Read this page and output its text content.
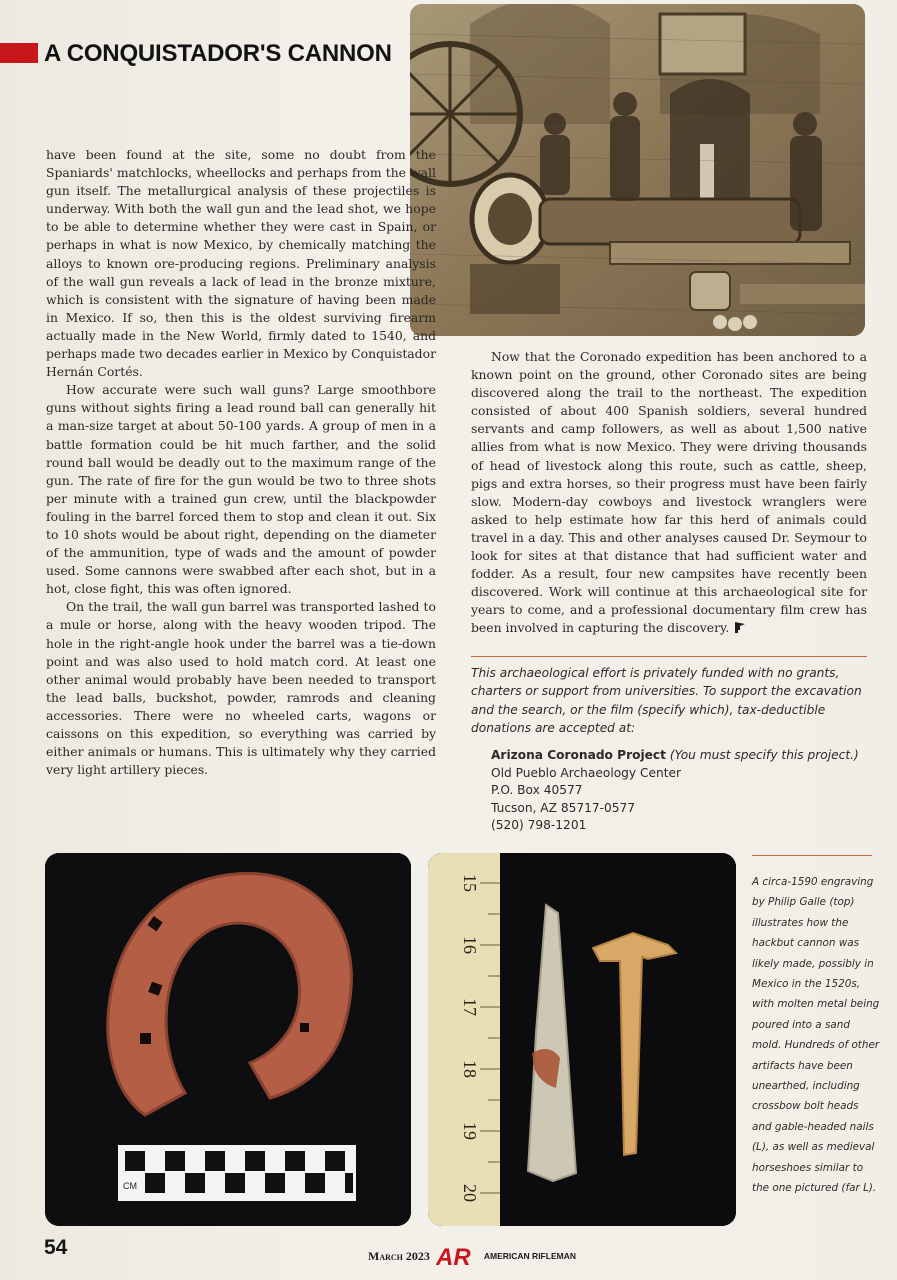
A CONQUISTADOR'S CANNON

have been found at the site, some no doubt from the Spaniards' matchlocks, wheellocks and perhaps from the wall gun itself. The metallurgical analysis of these projectiles is underway. With both the wall gun and the lead shot, we hope to be able to determine whether they were cast in Spain, or perhaps in what is now Mexico, by chemically matching the alloys to known ore-producing regions. Preliminary analysis of the wall gun reveals a lack of lead in the bronze mixture, which is consistent with the signature of having been made in Mexico. If so, then this is the oldest surviving firearm actually made in the New World, firmly dated to 1540, and perhaps made two decades earlier in Mexico by Conquistador Hernán Cortés.

How accurate were such wall guns? Large smoothbore guns without sights firing a lead round ball can generally hit a man-size target at about 50-100 yards. A group of men in a battle formation could be hit much farther, and the solid round ball would be deadly out to the maximum range of the gun. The rate of fire for the gun would be two to three shots per minute with a trained gun crew, until the blackpowder fouling in the barrel forced them to stop and clean it out. Six to 10 shots would be about right, depending on the diameter of the ammunition, type of wads and the amount of powder used. Some cannons were swabbed after each shot, but in a hot, close fight, this was often ignored.

On the trail, the wall gun barrel was transported lashed to a mule or horse, along with the heavy wooden tripod. The hole in the right-angle hook under the barrel was a tie-down point and was also used to hold match cord. At least one other animal would probably have been needed to transport the lead balls, buckshot, powder, ramrods and cleaning accessories. There were no wheeled carts, wagons or caissons on this expedition, so everything was carried by either animals or humans. This is ultimately why they carried very light artillery pieces.

Now that the Coronado expedition has been anchored to a known point on the ground, other Coronado sites are being discovered along the trail to the northeast. The expedition consisted of about 400 Spanish soldiers, several hundred servants and camp followers, as well as about 1,500 native allies from what is now Mexico. They were driving thousands of head of livestock along this route, such as cattle, sheep, pigs and extra horses, so their progress must have been fairly slow. Modern-day cowboys and livestock wranglers were asked to help estimate how far this herd of animals could travel in a day. This and other analyses caused Dr. Seymour to look for sites at that distance that had sufficient water and fodder. As a result, four new campsites have recently been discovered. Work will continue at this archaeological site for years to come, and a professional documentary film crew has been involved in capturing the discovery.

This archaeological effort is privately funded with no grants, charters or support from universities. To support the excavation and the search, or the film (specify which), tax-deductible donations are accepted at:
Arizona Coronado Project (You must specify this project.)
Old Pueblo Archaeology Center
P.O. Box 40577
Tucson, AZ 85717-0577
(520) 798-1201
CM
15
16
17
18
19
20
A circa-1590 engraving by Philip Galle (top) illustrates how the hackbut cannon was likely made, possibly in Mexico in the 1520s, with molten metal being poured into a sand mold. Hundreds of other artifacts have been unearthed, including crossbow bolt heads and gable-headed nails (L), as well as medieval horseshoes similar to the one pictured (far L).
54	March 2023 AR AMERICAN RIFLEMAN
